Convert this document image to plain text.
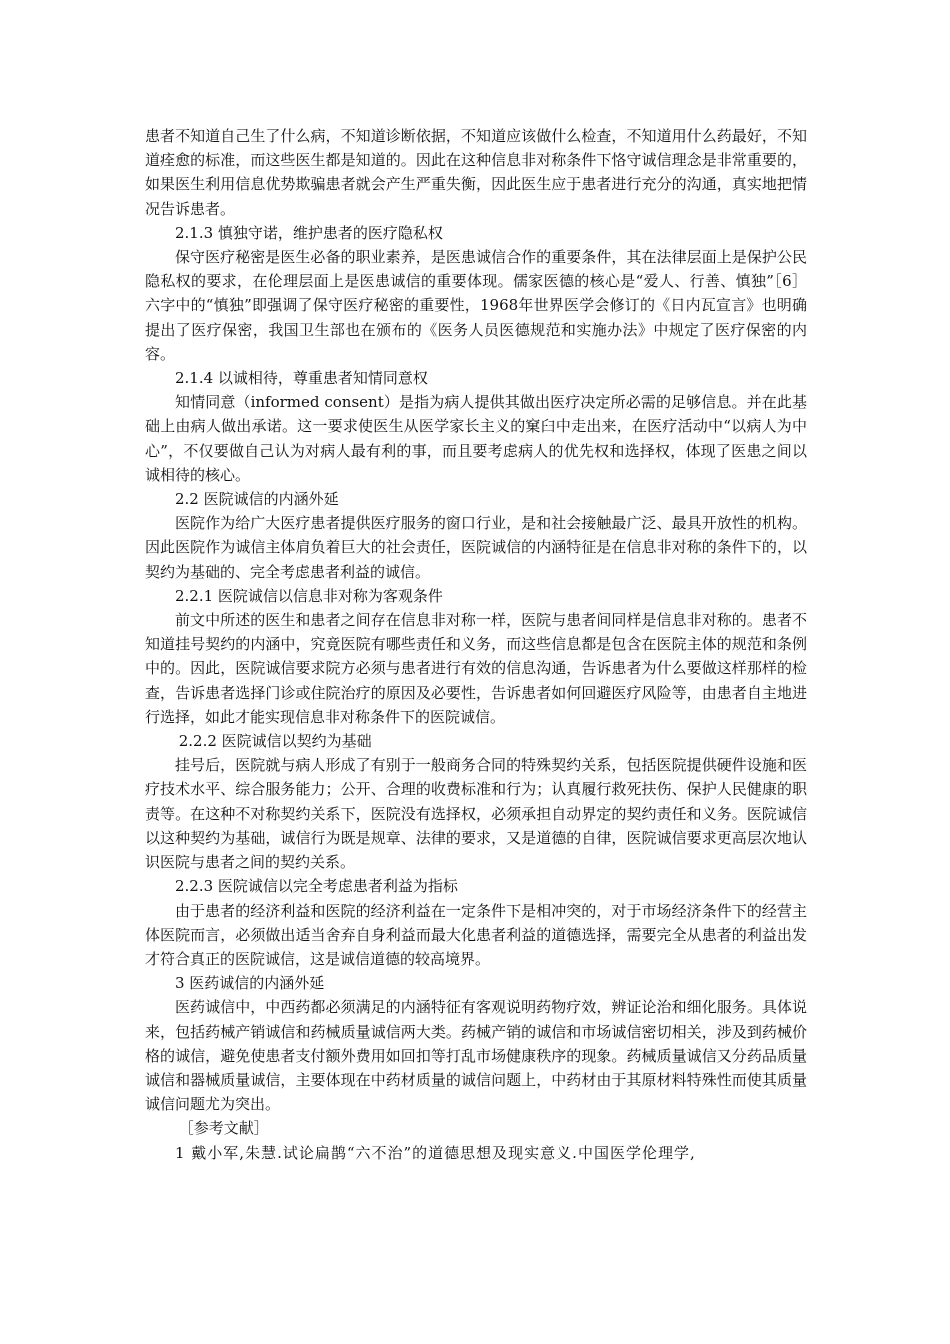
患者不知道自己生了什么病，不知道诊断依据，不知道应该做什么检查，不知道用什么药最好，不知道痊愈的标准，而这些医生都是知道的。因此在这种信息非对称条件下恪守诚信理念是非常重要的，如果医生利用信息优势欺骗患者就会产生严重失衡，因此医生应于患者进行充分的沟通，真实地把情况告诉患者。

2.1.3 慎独守诺，维护患者的医疗隐私权

保守医疗秘密是医生必备的职业素养，是医患诚信合作的重要条件，其在法律层面上是保护公民隐私权的要求，在伦理层面上是医患诚信的重要体现。儒家医德的核心是“爱人、行善、慎独”［6］六字中的“慎独”即强调了保守医疗秘密的重要性，1968年世界医学会修订的《日内瓦宣言》也明确提出了医疗保密，我国卫生部也在颁布的《医务人员医德规范和实施办法》中规定了医疗保密的内容。

2.1.4 以诚相待，尊重患者知情同意权

知情同意（informed consent）是指为病人提供其做出医疗决定所必需的足够信息。并在此基础上由病人做出承诺。这一要求使医生从医学家长主义的窠臼中走出来，在医疗活动中“以病人为中心”，不仅要做自己认为对病人最有利的事，而且要考虑病人的优先权和选择权，体现了医患之间以诚相待的核心。

2.2 医院诚信的内涵外延

医院作为给广大医疗患者提供医疗服务的窗口行业，是和社会接触最广泛、最具开放性的机构。因此医院作为诚信主体肩负着巨大的社会责任，医院诚信的内涵特征是在信息非对称的条件下的，以契约为基础的、完全考虑患者利益的诚信。

2.2.1 医院诚信以信息非对称为客观条件

前文中所述的医生和患者之间存在信息非对称一样，医院与患者间同样是信息非对称的。患者不知道挂号契约的内涵中，究竟医院有哪些责任和义务，而这些信息都是包含在医院主体的规范和条例中的。因此，医院诚信要求院方必须与患者进行有效的信息沟通，告诉患者为什么要做这样那样的检查，告诉患者选择门诊或住院治疗的原因及必要性，告诉患者如何回避医疗风险等，由患者自主地进行选择，如此才能实现信息非对称条件下的医院诚信。

2.2.2 医院诚信以契约为基础

挂号后，医院就与病人形成了有别于一般商务合同的特殊契约关系，包括医院提供硬件设施和医疗技术水平、综合服务能力；公开、合理的收费标准和行为；认真履行救死扶伤、保护人民健康的职责等。在这种不对称契约关系下，医院没有选择权，必须承担自动界定的契约责任和义务。医院诚信以这种契约为基础，诚信行为既是规章、法律的要求，又是道德的自律，医院诚信要求更高层次地认识医院与患者之间的契约关系。

2.2.3 医院诚信以完全考虑患者利益为指标

由于患者的经济利益和医院的经济利益在一定条件下是相冲突的，对于市场经济条件下的经营主体医院而言，必须做出适当舍弃自身利益而最大化患者利益的道德选择，需要完全从患者的利益出发才符合真正的医院诚信，这是诚信道德的较高境界。

3 医药诚信的内涵外延

医药诚信中，中西药都必须满足的内涵特征有客观说明药物疗效，辨证论治和细化服务。具体说来，包括药械产销诚信和药械质量诚信两大类。药械产销的诚信和市场诚信密切相关，涉及到药械价格的诚信，避免使患者支付额外费用如回扣等打乱市场健康秩序的现象。药械质量诚信又分药品质量诚信和器械质量诚信，主要体现在中药材质量的诚信问题上，中药材由于其原材料特殊性而使其质量诚信问题尤为突出。

［参考文献］

1 戴小军,朱慧.试论扁鹊“六不治”的道德思想及现实意义.中国医学伦理学,
